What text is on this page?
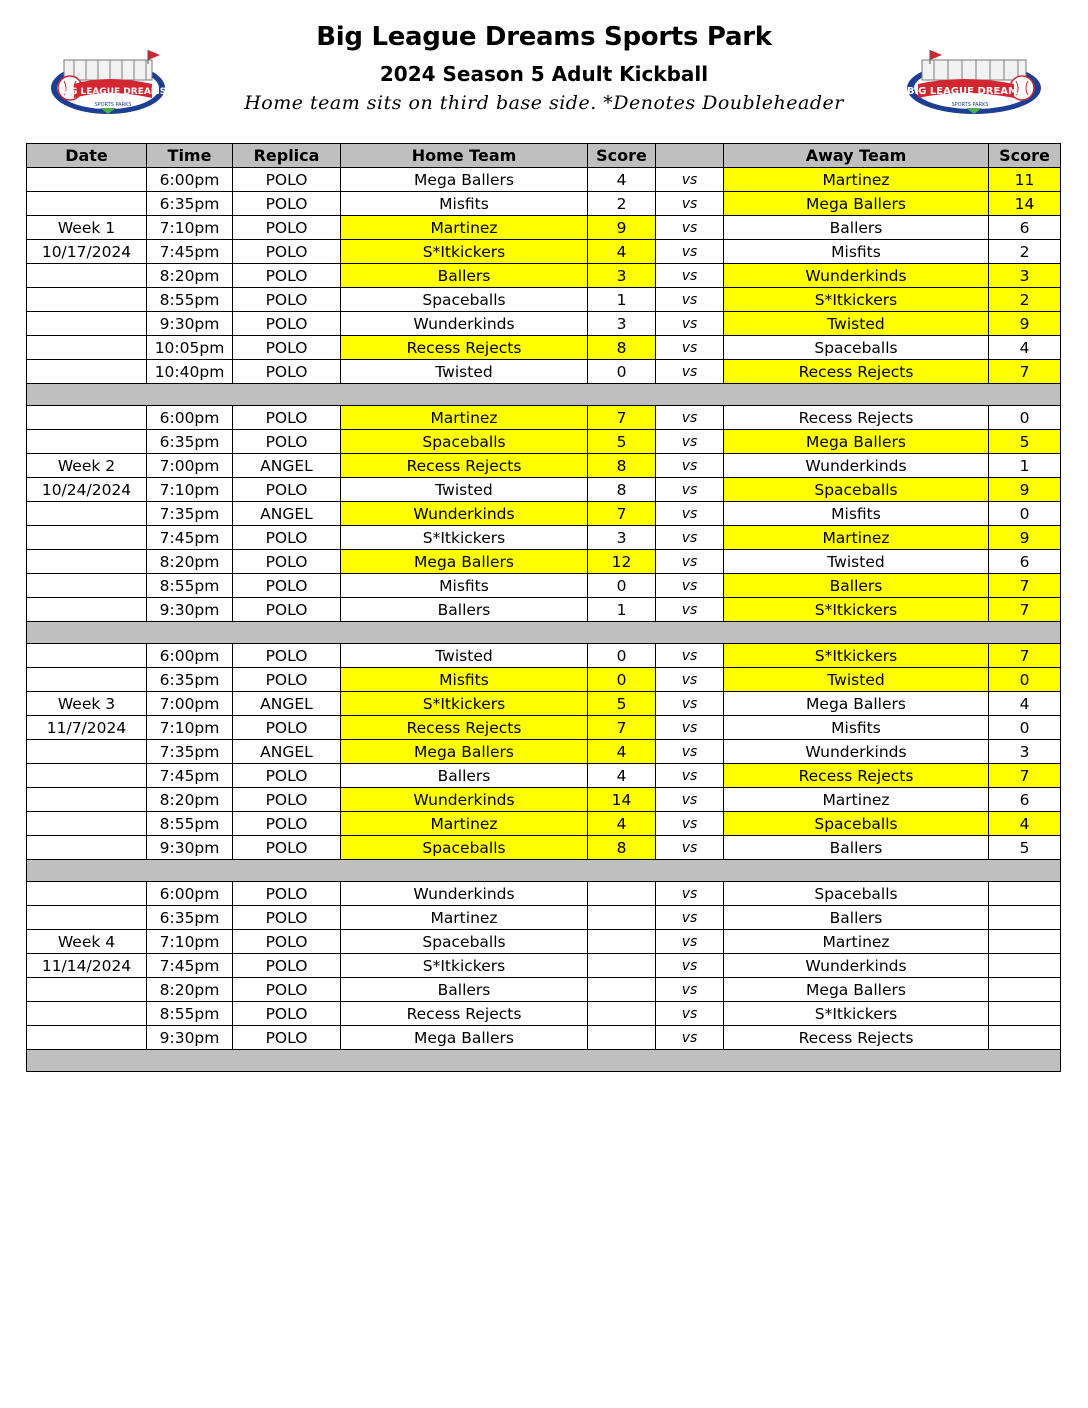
Big League Dreams Sports Park
2024 Season 5 Adult Kickball
Home team sits on third base side. *Denotes Doubleheader
BIG LEAGUE DREAMS
SPORTS PARKS
BIG LEAGUE DREAMS
SPORTS PARKS
Date	Time	Replica	Home Team	Score		Away Team	Score
	6:00pm	POLO	Mega Ballers	4	vs	Martinez	11
	6:35pm	POLO	Misfits	2	vs	Mega Ballers	14
Week 1	7:10pm	POLO	Martinez	9	vs	Ballers	6
10/17/2024	7:45pm	POLO	S*Itkickers	4	vs	Misfits	2
	8:20pm	POLO	Ballers	3	vs	Wunderkinds	3
	8:55pm	POLO	Spaceballs	1	vs	S*Itkickers	2
	9:30pm	POLO	Wunderkinds	3	vs	Twisted	9
	10:05pm	POLO	Recess Rejects	8	vs	Spaceballs	4
	10:40pm	POLO	Twisted	0	vs	Recess Rejects	7

	6:00pm	POLO	Martinez	7	vs	Recess Rejects	0
	6:35pm	POLO	Spaceballs	5	vs	Mega Ballers	5
Week 2	7:00pm	ANGEL	Recess Rejects	8	vs	Wunderkinds	1
10/24/2024	7:10pm	POLO	Twisted	8	vs	Spaceballs	9
	7:35pm	ANGEL	Wunderkinds	7	vs	Misfits	0
	7:45pm	POLO	S*Itkickers	3	vs	Martinez	9
	8:20pm	POLO	Mega Ballers	12	vs	Twisted	6
	8:55pm	POLO	Misfits	0	vs	Ballers	7
	9:30pm	POLO	Ballers	1	vs	S*Itkickers	7

	6:00pm	POLO	Twisted	0	vs	S*Itkickers	7
	6:35pm	POLO	Misfits	0	vs	Twisted	0
Week 3	7:00pm	ANGEL	S*Itkickers	5	vs	Mega Ballers	4
11/7/2024	7:10pm	POLO	Recess Rejects	7	vs	Misfits	0
	7:35pm	ANGEL	Mega Ballers	4	vs	Wunderkinds	3
	7:45pm	POLO	Ballers	4	vs	Recess Rejects	7
	8:20pm	POLO	Wunderkinds	14	vs	Martinez	6
	8:55pm	POLO	Martinez	4	vs	Spaceballs	4
	9:30pm	POLO	Spaceballs	8	vs	Ballers	5

	6:00pm	POLO	Wunderkinds		vs	Spaceballs	
	6:35pm	POLO	Martinez		vs	Ballers	
Week 4	7:10pm	POLO	Spaceballs		vs	Martinez	
11/14/2024	7:45pm	POLO	S*Itkickers		vs	Wunderkinds	
	8:20pm	POLO	Ballers		vs	Mega Ballers	
	8:55pm	POLO	Recess Rejects		vs	S*Itkickers	
	9:30pm	POLO	Mega Ballers		vs	Recess Rejects	
